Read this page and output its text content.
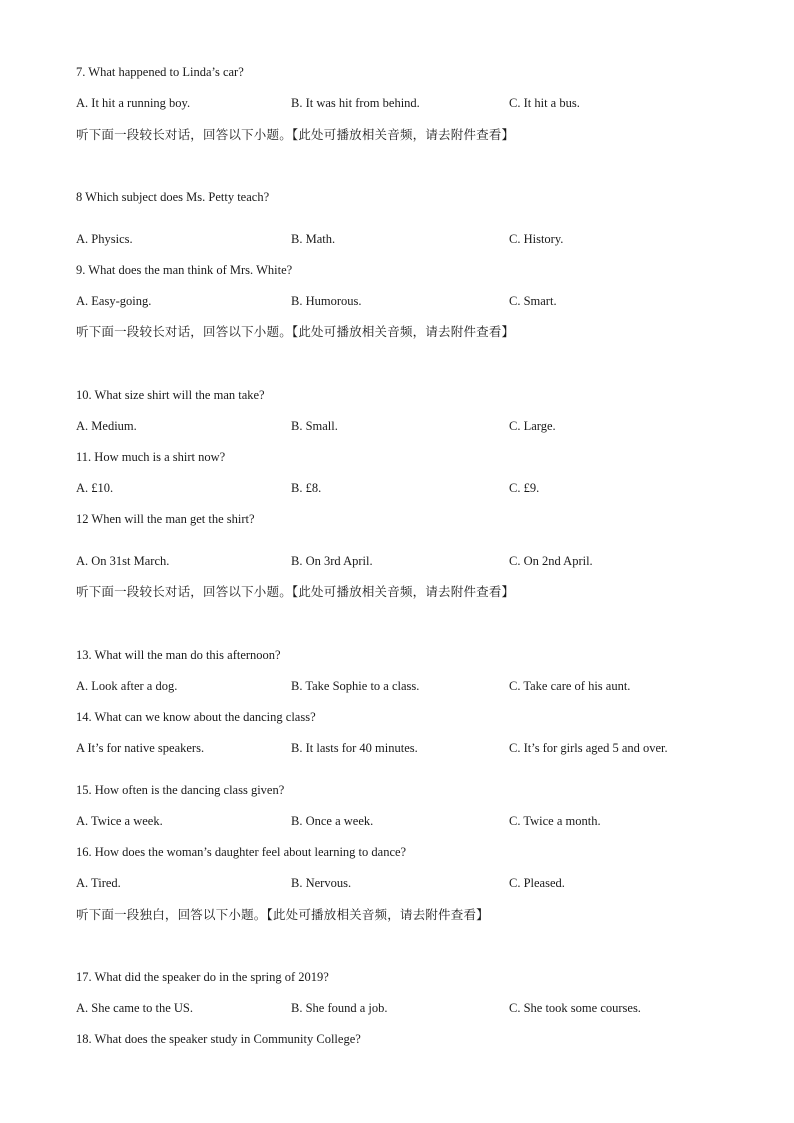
7. What happened to Linda’s car?
A. It hit a running boy.	B. It was hit from behind.	C. It hit a bus.
听下面一段较长对话，回答以下小题。【此处可播放相关音频，请去附件查看】
8 Which subject does Ms. Petty teach?
A. Physics.	B. Math.	C. History.
9. What does the man think of Mrs. White?
A. Easy-going.	B. Humorous.	C. Smart.
听下面一段较长对话，回答以下小题。【此处可播放相关音频，请去附件查看】
10. What size shirt will the man take?
A. Medium.	B. Small.	C. Large.
11. How much is a shirt now?
A. £10.	B. £8.	C. £9.
12 When will the man get the shirt?
A. On 31st March.	B. On 3rd April.	C. On 2nd April.
听下面一段较长对话，回答以下小题。【此处可播放相关音频，请去附件查看】
13. What will the man do this afternoon?
A. Look after a dog.	B. Take Sophie to a class.	C. Take care of his aunt.
14. What can we know about the dancing class?
A It’s for native speakers.	B. It lasts for 40 minutes.	C. It’s for girls aged 5 and over.
15. How often is the dancing class given?
A. Twice a week.	B. Once a week.	C. Twice a month.
16. How does the woman’s daughter feel about learning to dance?
A. Tired.	B. Nervous.	C. Pleased.
听下面一段独白，回答以下小题。【此处可播放相关音频，请去附件查看】
17. What did the speaker do in the spring of 2019?
A. She came to the US.	B. She found a job.	C. She took some courses.
18. What does the speaker study in Community College?
